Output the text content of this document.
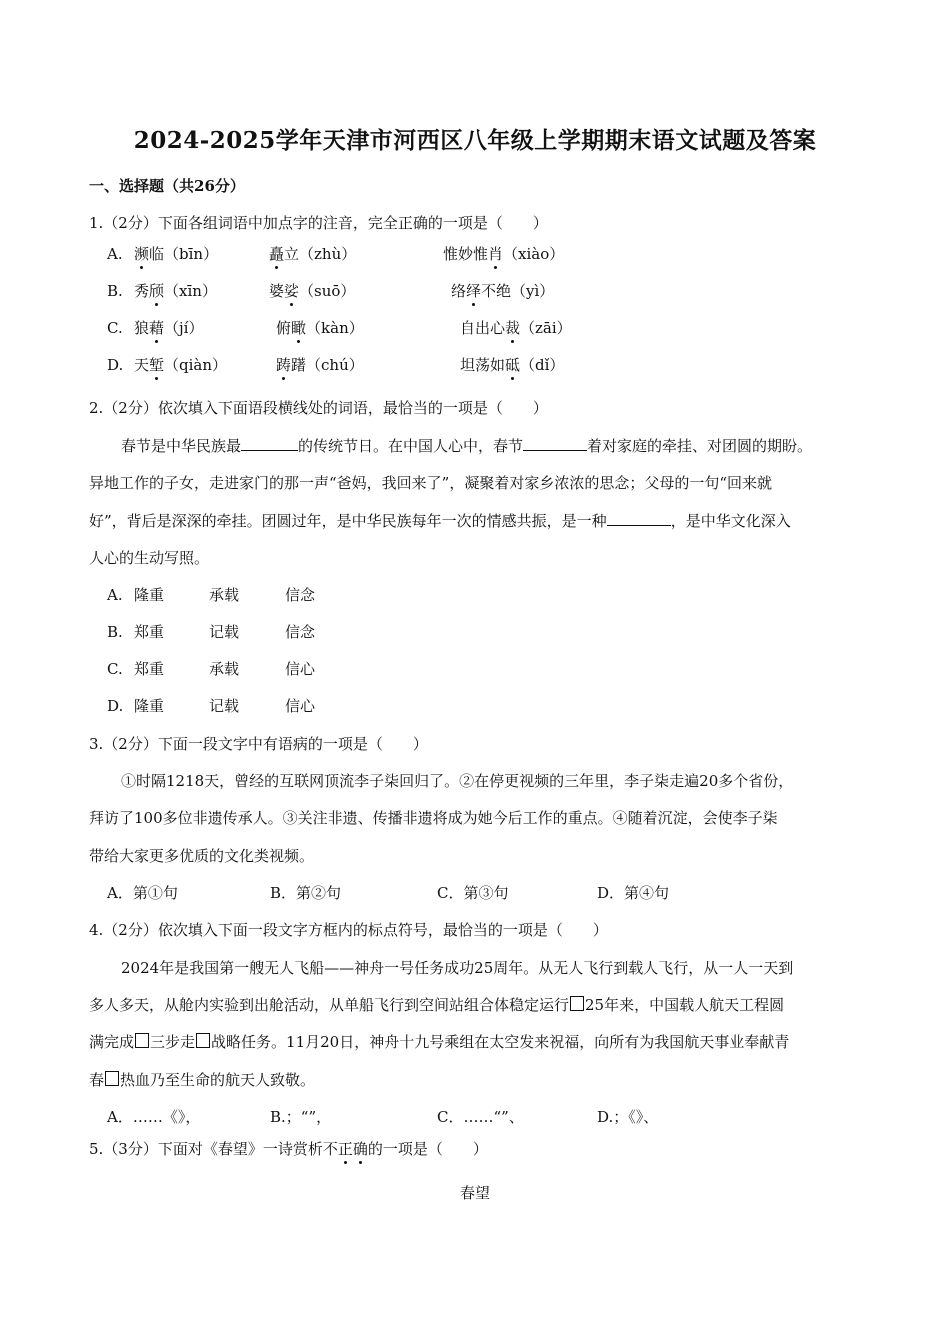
2024-2025学年天津市河西区八年级上学期期末语文试题及答案
一、选择题（共26分）
1.（2分）下面各组词语中加点字的注音，完全正确的一项是（　　）
A. 濒临（bīn）	矗立（zhù）	惟妙惟肖（xiào）
B. 秀颀（xīn）	婆娑（suō）	络绎不绝（yì）
C. 狼藉（jí）	俯瞰（kàn）	自出心裁（zāi）
D. 天堑（qiàn）	踌躇（chú）	坦荡如砥（dǐ）
2.（2分）依次填入下面语段横线处的词语，最恰当的一项是（　　）
春节是中华民族最	的传统节日。在中国人心中，春节	着对家庭的牵挂、对团圆的期盼。
异地工作的子女，走进家门的那一声“爸妈，我回来了”，凝聚着对家乡浓浓的思念；父母的一句“回来就
好”，背后是深深的牵挂。团圆过年，是中华民族每年一次的情感共振，是一种	，是中华文化深入
人心的生动写照。
A. 隆重	承载	信念
B. 郑重	记载	信念
C. 郑重	承载	信心
D. 隆重	记载	信心
3.（2分）下面一段文字中有语病的一项是（　　）
①时隔1218天，曾经的互联网顶流李子柒回归了。②在停更视频的三年里，李子柒走遍20多个省份，
拜访了100多位非遗传承人。③关注非遗、传播非遗将成为她今后工作的重点。④随着沉淀，会使李子柒
带给大家更多优质的文化类视频。
A．第①句	B．第②句	C．第③句	D．第④句
4.（2分）依次填入下面一段文字方框内的标点符号，最恰当的一项是（　　）
2024年是我国第一艘无人飞船——神舟一号任务成功25周年。从无人飞行到载人飞行，从一人一天到
多人多天，从舱内实验到出舱活动，从单船飞行到空间站组合体稳定运行 25年来，中国载人航天工程圆
满完成 三步走 战略任务。11月20日，神舟十九号乘组在太空发来祝福，向所有为我国航天事业奉献青
春 热血乃至生命的航天人致敬。
A．……《》，	B.；“”，	C．……“”、	D.；《》、
5.（3分）下面对《春望》一诗赏析不正确的一项是（　　）
春望
